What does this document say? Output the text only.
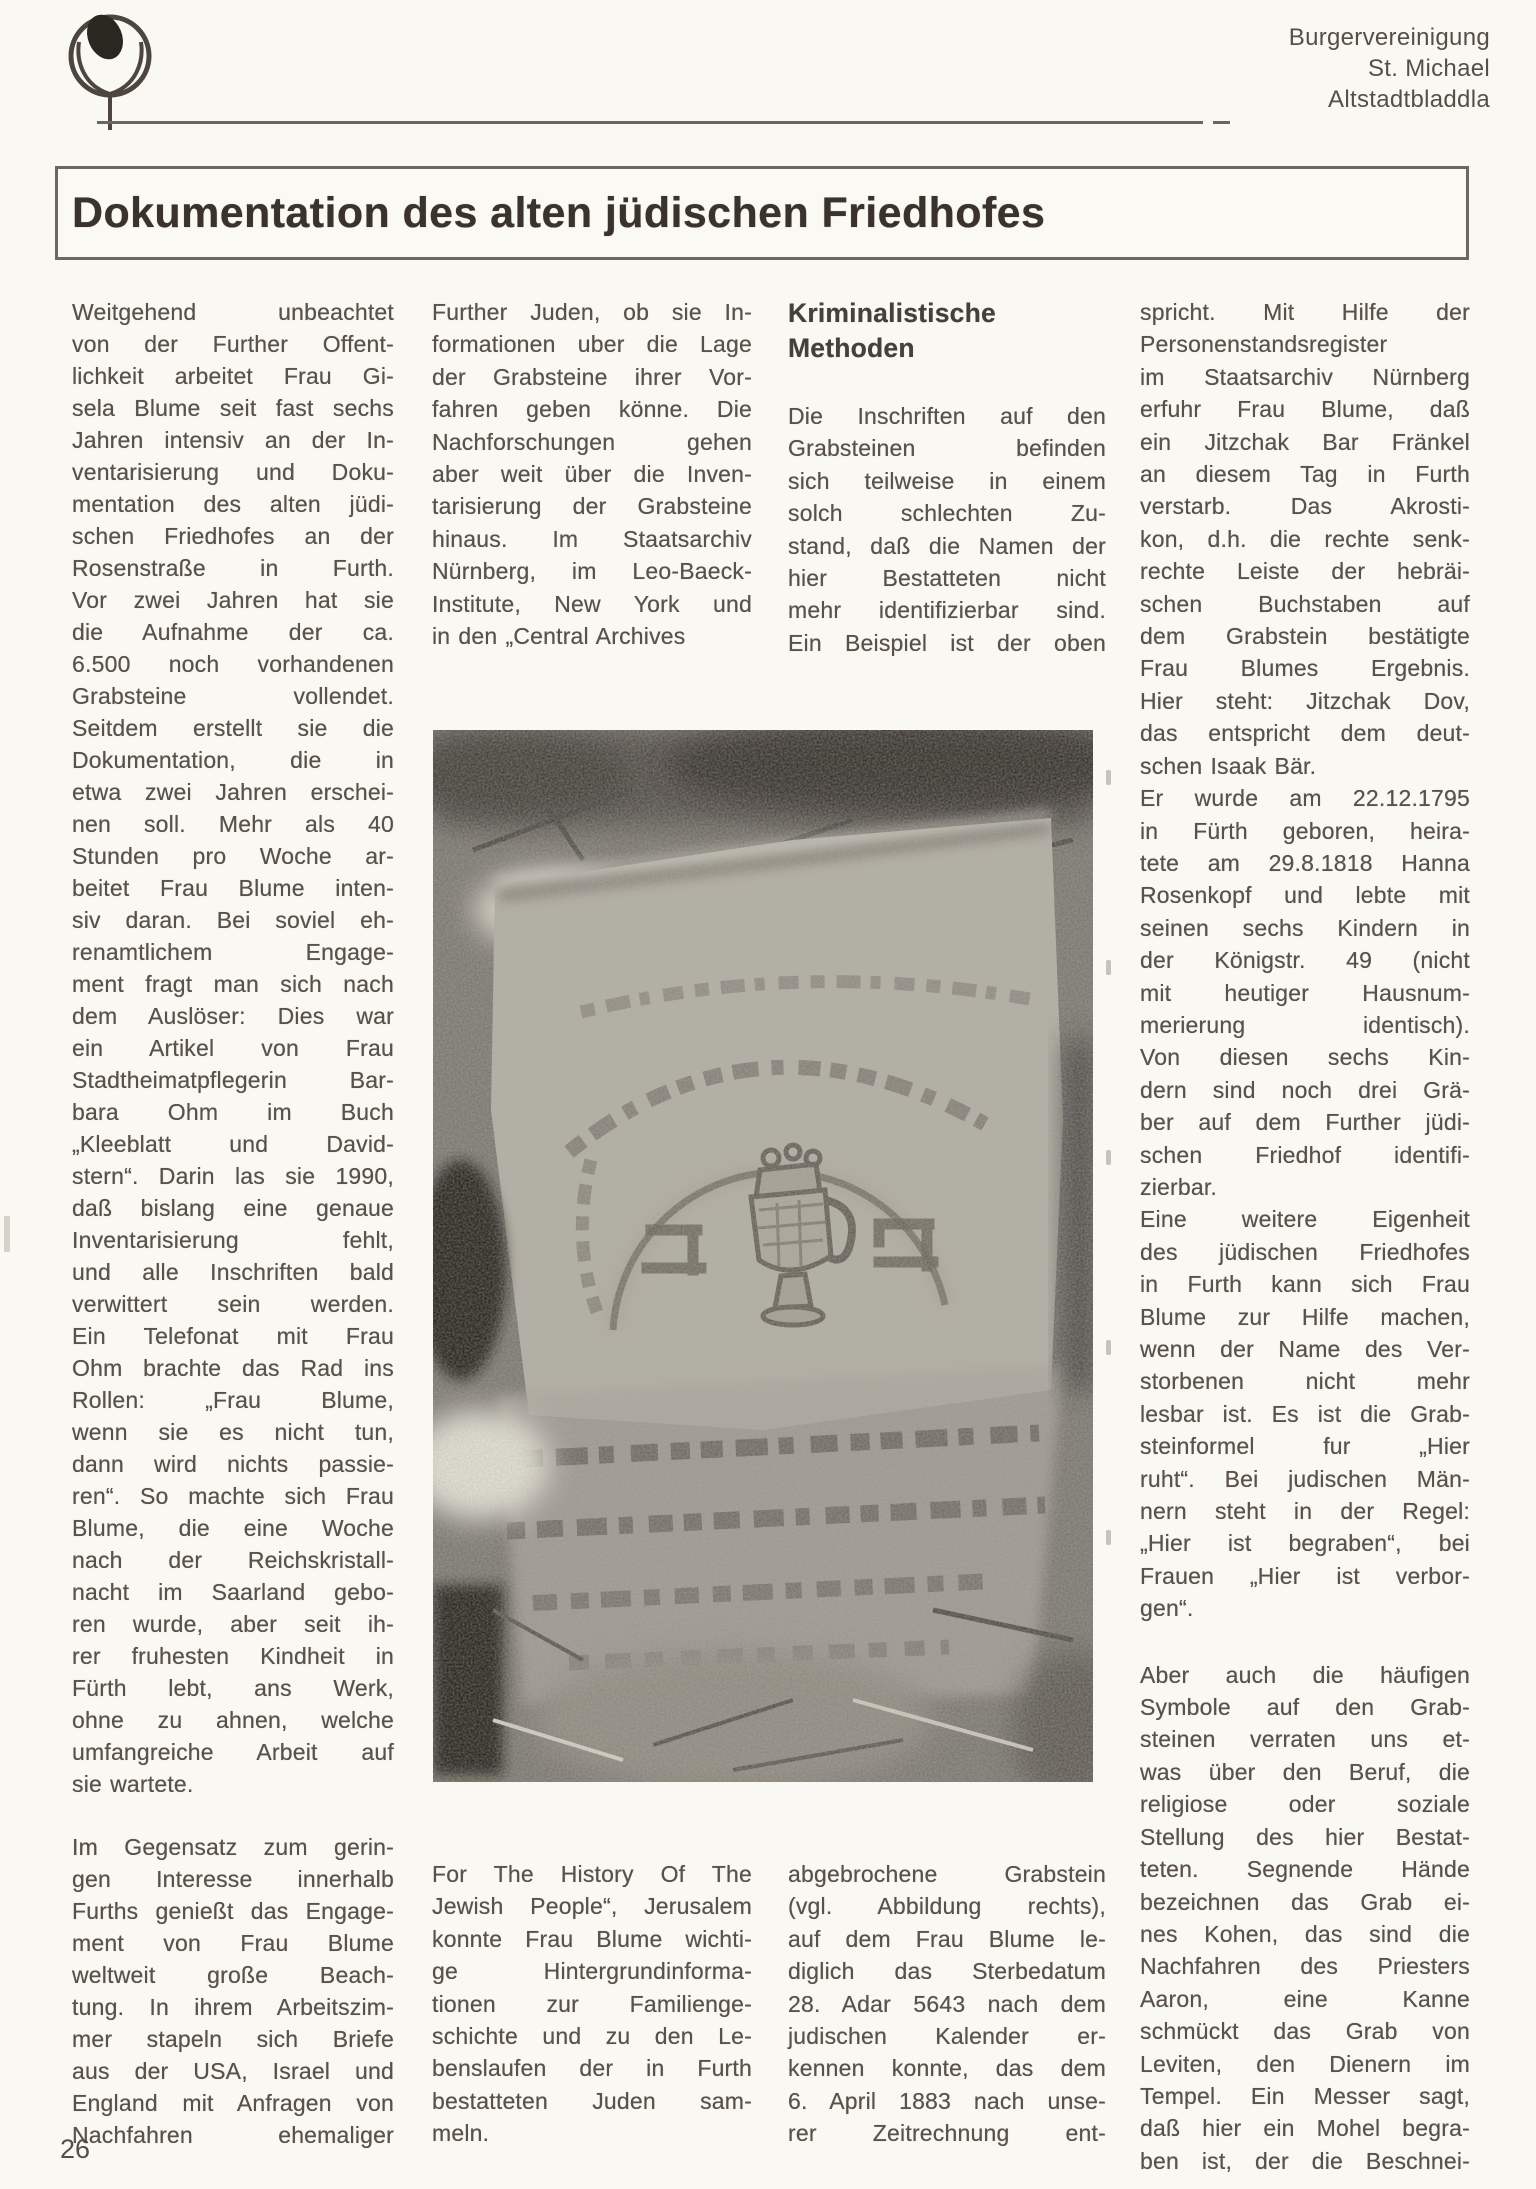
Burgervereinigung
St. Michael
Altstadtbladdla
Dokumentation des alten jüdischen Friedhofes
Weitgehend unbeachtet
von der Further Offent-
lichkeit arbeitet Frau Gi-
sela Blume seit fast sechs
Jahren intensiv an der In-
ventarisierung und Doku-
mentation des alten jüdi-
schen Friedhofes an der
Rosenstraße in Furth.
Vor zwei Jahren hat sie
die Aufnahme der ca.
6.500 noch vorhandenen
Grabsteine vollendet.
Seitdem erstellt sie die
Dokumentation, die in
etwa zwei Jahren erschei-
nen soll. Mehr als 40
Stunden pro Woche ar-
beitet Frau Blume inten-
siv daran. Bei soviel eh-
renamtlichem Engage-
ment fragt man sich nach
dem Auslöser: Dies war
ein Artikel von Frau
Stadtheimatpflegerin Bar-
bara Ohm im Buch
„Kleeblatt und David-
stern“. Darin las sie 1990,
daß bislang eine genaue
Inventarisierung fehlt,
und alle Inschriften bald
verwittert sein werden.
Ein Telefonat mit Frau
Ohm brachte das Rad ins
Rollen: „Frau Blume,
wenn sie es nicht tun,
dann wird nichts passie-
ren“. So machte sich Frau
Blume, die eine Woche
nach der Reichskristall-
nacht im Saarland gebo-
ren wurde, aber seit ih-
rer fruhesten Kindheit in
Fürth lebt, ans Werk,
ohne zu ahnen, welche
umfangreiche Arbeit auf
sie wartete.
Im Gegensatz zum gerin-
gen Interesse innerhalb
Furths genießt das Engage-
ment von Frau Blume
weltweit große Beach-
tung. In ihrem Arbeitszim-
mer stapeln sich Briefe
aus der USA, Israel und
England mit Anfragen von
Nachfahren ehemaliger
Further Juden, ob sie In-
formationen uber die Lage
der Grabsteine ihrer Vor-
fahren geben könne. Die
Nachforschungen gehen
aber weit über die Inven-
tarisierung der Grabsteine
hinaus. Im Staatsarchiv
Nürnberg, im Leo-Baeck-
Institute, New York und
in den „Central Archives
Kriminalistische
Methoden
Die Inschriften auf den
Grabsteinen befinden
sich teilweise in einem
solch schlechten Zu-
stand, daß die Namen der
hier Bestatteten nicht
mehr identifizierbar sind.
Ein Beispiel ist der oben
spricht. Mit Hilfe der
Personenstandsregister
im Staatsarchiv Nürnberg
erfuhr Frau Blume, daß
ein Jitzchak Bar Fränkel
an diesem Tag in Furth
verstarb. Das Akrosti-
kon, d.h. die rechte senk-
rechte Leiste der hebräi-
schen Buchstaben auf
dem Grabstein bestätigte
Frau Blumes Ergebnis.
Hier steht: Jitzchak Dov,
das entspricht dem deut-
schen Isaak Bär.
Er wurde am 22.12.1795
in Fürth geboren, heira-
tete am 29.8.1818 Hanna
Rosenkopf und lebte mit
seinen sechs Kindern in
der Königstr. 49 (nicht
mit heutiger Hausnum-
merierung identisch).
Von diesen sechs Kin-
dern sind noch drei Grä-
ber auf dem Further jüdi-
schen Friedhof identifi-
zierbar.
Eine weitere Eigenheit
des jüdischen Friedhofes
in Furth kann sich Frau
Blume zur Hilfe machen,
wenn der Name des Ver-
storbenen nicht mehr
lesbar ist. Es ist die Grab-
steinformel fur „Hier
ruht“. Bei judischen Män-
nern steht in der Regel:
„Hier ist begraben“, bei
Frauen „Hier ist verbor-
gen“.
Aber auch die häufigen
Symbole auf den Grab-
steinen verraten uns et-
was über den Beruf, die
religiose oder soziale
Stellung des hier Bestat-
teten. Segnende Hände
bezeichnen das Grab ei-
nes Kohen, das sind die
Nachfahren des Priesters
Aaron, eine Kanne
schmückt das Grab von
Leviten, den Dienern im
Tempel. Ein Messer sagt,
daß hier ein Mohel begra-
ben ist, der die Beschnei-
For The History Of The
Jewish People“, Jerusalem
konnte Frau Blume wichti-
ge Hintergrundinforma-
tionen zur Familienge-
schichte und zu den Le-
benslaufen der in Furth
bestatteten Juden sam-
meln.
abgebrochene Grabstein
(vgl. Abbildung rechts),
auf dem Frau Blume le-
diglich das Sterbedatum
28. Adar 5643 nach dem
judischen Kalender er-
kennen konnte, das dem
6. April 1883 nach unse-
rer Zeitrechnung ent-
26
